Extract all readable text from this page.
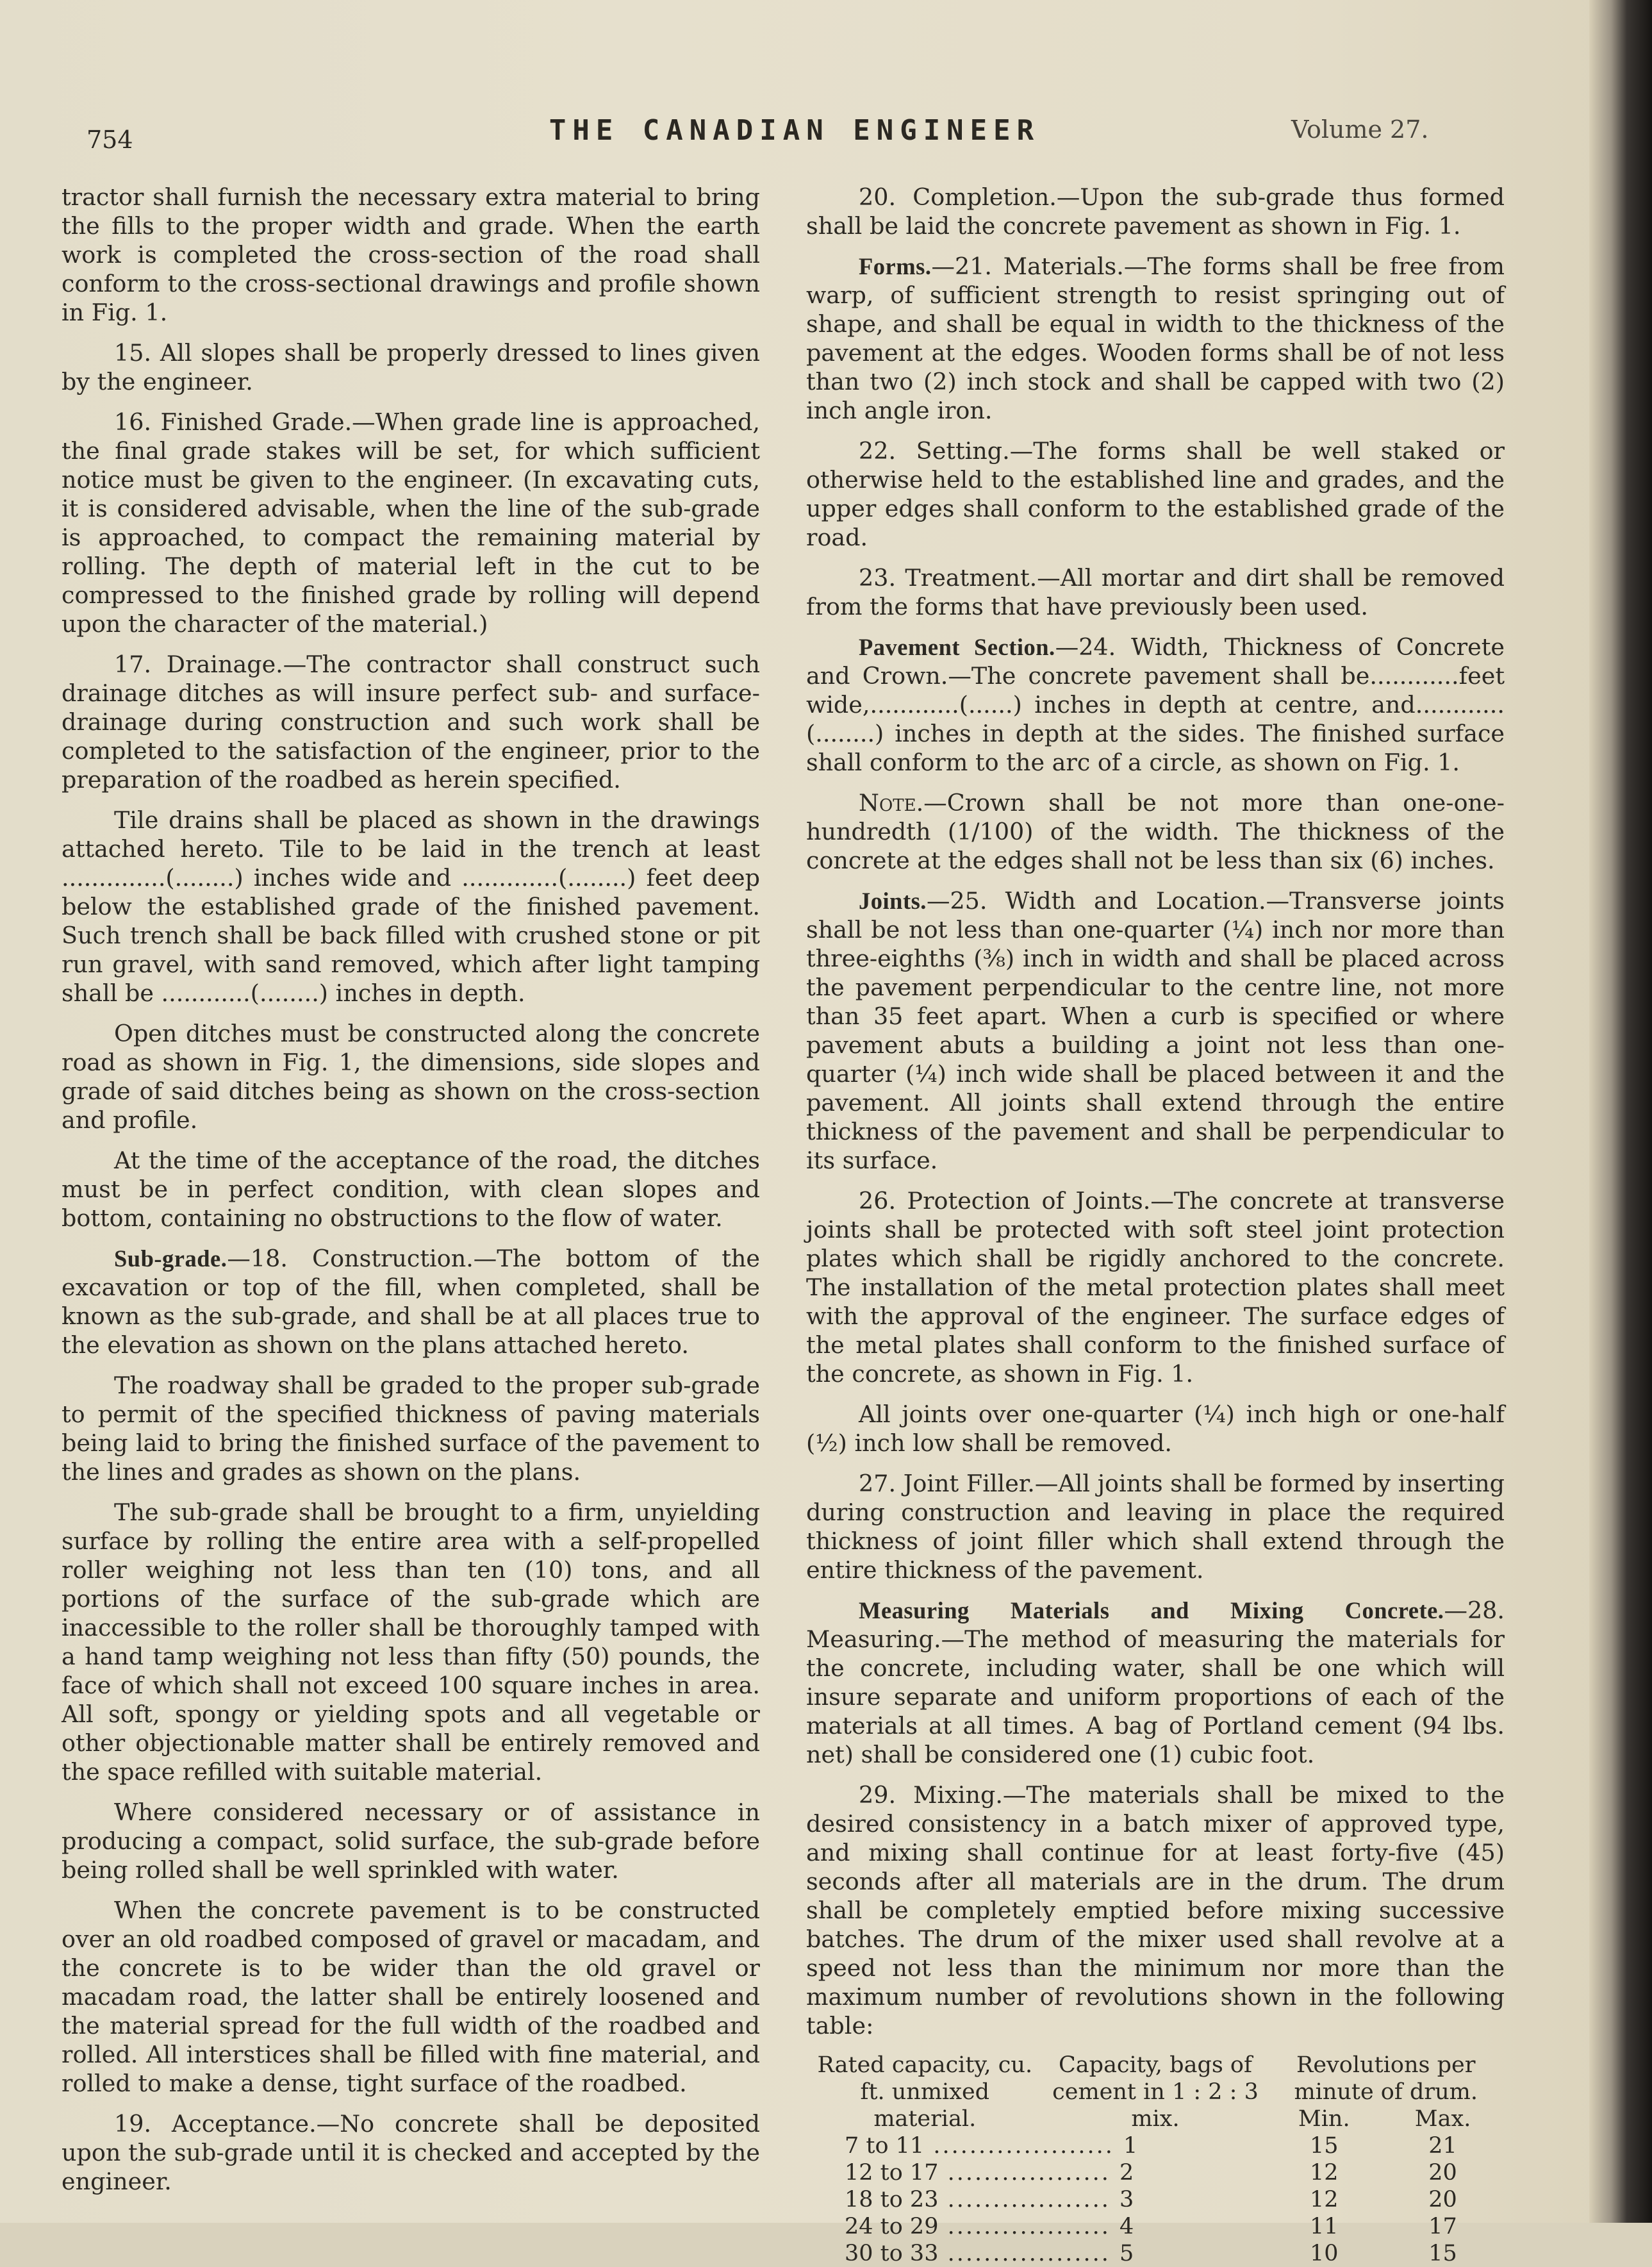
754	THE CANADIAN ENGINEER	Volume 27.

tractor shall furnish the necessary extra material to bring the fills to the proper width and grade. When the earth work is completed the cross-section of the road shall conform to the cross-sectional drawings and profile shown in Fig. 1.

15. All slopes shall be properly dressed to lines given by the engineer.

16. Finished Grade.—When grade line is approached, the final grade stakes will be set, for which sufficient notice must be given to the engineer. (In excavating cuts, it is considered advisable, when the line of the sub-grade is approached, to compact the remaining material by rolling. The depth of material left in the cut to be compressed to the finished grade by rolling will depend upon the character of the material.)

17. Drainage.—The contractor shall construct such drainage ditches as will insure perfect sub- and surface-drainage during construction and such work shall be completed to the satisfaction of the engineer, prior to the preparation of the roadbed as herein specified.

Tile drains shall be placed as shown in the drawings attached hereto. Tile to be laid in the trench at least ..............(........) inches wide and .............(........) feet deep below the established grade of the finished pavement. Such trench shall be back filled with crushed stone or pit run gravel, with sand removed, which after light tamping shall be ............(........) inches in depth.

Open ditches must be constructed along the concrete road as shown in Fig. 1, the dimensions, side slopes and grade of said ditches being as shown on the cross-section and profile.

At the time of the acceptance of the road, the ditches must be in perfect condition, with clean slopes and bottom, containing no obstructions to the flow of water.

Sub-grade.—18. Construction.—The bottom of the excavation or top of the fill, when completed, shall be known as the sub-grade, and shall be at all places true to the elevation as shown on the plans attached hereto.

The roadway shall be graded to the proper sub-grade to permit of the specified thickness of paving materials being laid to bring the finished surface of the pavement to the lines and grades as shown on the plans.

The sub-grade shall be brought to a firm, unyielding surface by rolling the entire area with a self-propelled roller weighing not less than ten (10) tons, and all portions of the surface of the sub-grade which are inaccessible to the roller shall be thoroughly tamped with a hand tamp weighing not less than fifty (50) pounds, the face of which shall not exceed 100 square inches in area. All soft, spongy or yielding spots and all vegetable or other objectionable matter shall be entirely removed and the space refilled with suitable material.

Where considered necessary or of assistance in producing a compact, solid surface, the sub-grade before being rolled shall be well sprinkled with water.

When the concrete pavement is to be constructed over an old roadbed composed of gravel or macadam, and the concrete is to be wider than the old gravel or macadam road, the latter shall be entirely loosened and the material spread for the full width of the roadbed and rolled. All interstices shall be filled with fine material, and rolled to make a dense, tight surface of the roadbed.

19. Acceptance.—No concrete shall be deposited upon the sub-grade until it is checked and accepted by the engineer.

20. Completion.—Upon the sub-grade thus formed shall be laid the concrete pavement as shown in Fig. 1.

Forms.—21. Materials.—The forms shall be free from warp, of sufficient strength to resist springing out of shape, and shall be equal in width to the thickness of the pavement at the edges. Wooden forms shall be of not less than two (2) inch stock and shall be capped with two (2) inch angle iron.

22. Setting.—The forms shall be well staked or otherwise held to the established line and grades, and the upper edges shall conform to the established grade of the road.

23. Treatment.—All mortar and dirt shall be removed from the forms that have previously been used.

Pavement Section.—24. Width, Thickness of Concrete and Crown.—The concrete pavement shall be............feet wide,............(......) inches in depth at centre, and............(........) inches in depth at the sides. The finished surface shall conform to the arc of a circle, as shown on Fig. 1.

Note.—Crown shall be not more than one-one-hundredth (1/100) of the width. The thickness of the concrete at the edges shall not be less than six (6) inches.

Joints.—25. Width and Location.—Transverse joints shall be not less than one-quarter (¼) inch nor more than three-eighths (⅜) inch in width and shall be placed across the pavement perpendicular to the centre line, not more than 35 feet apart. When a curb is specified or where pavement abuts a building a joint not less than one-quarter (¼) inch wide shall be placed between it and the pavement. All joints shall extend through the entire thickness of the pavement and shall be perpendicular to its surface.

26. Protection of Joints.—The concrete at transverse joints shall be protected with soft steel joint protection plates which shall be rigidly anchored to the concrete. The installation of the metal protection plates shall meet with the approval of the engineer. The surface edges of the metal plates shall conform to the finished surface of the concrete, as shown in Fig. 1.

All joints over one-quarter (¼) inch high or one-half (½) inch low shall be removed.

27. Joint Filler.—All joints shall be formed by inserting during construction and leaving in place the required thickness of joint filler which shall extend through the entire thickness of the pavement.

Measuring Materials and Mixing Concrete.—28. Measuring.—The method of measuring the materials for the concrete, including water, shall be one which will insure separate and uniform proportions of each of the materials at all times. A bag of Portland cement (94 lbs. net) shall be considered one (1) cubic foot.

29. Mixing.—The materials shall be mixed to the desired consistency in a batch mixer of approved type, and mixing shall continue for at least forty-five (45) seconds after all materials are in the drum. The drum shall be completely emptied before mixing successive batches. The drum of the mixer used shall revolve at a speed not less than the minimum nor more than the maximum number of revolutions shown in the following table:

Rated capacity, cu. ft. unmixed material.	Capacity, bags of cement in 1 : 2 : 3 mix.	Revolutions per minute of drum.	
		Min.	Max.
7 to 11 .................... 1		15	21
12 to 17 .................. 2		12	20
18 to 23 .................. 3		12	20
24 to 29 .................. 4		11	17
30 to 33 .................. 5		10	15
